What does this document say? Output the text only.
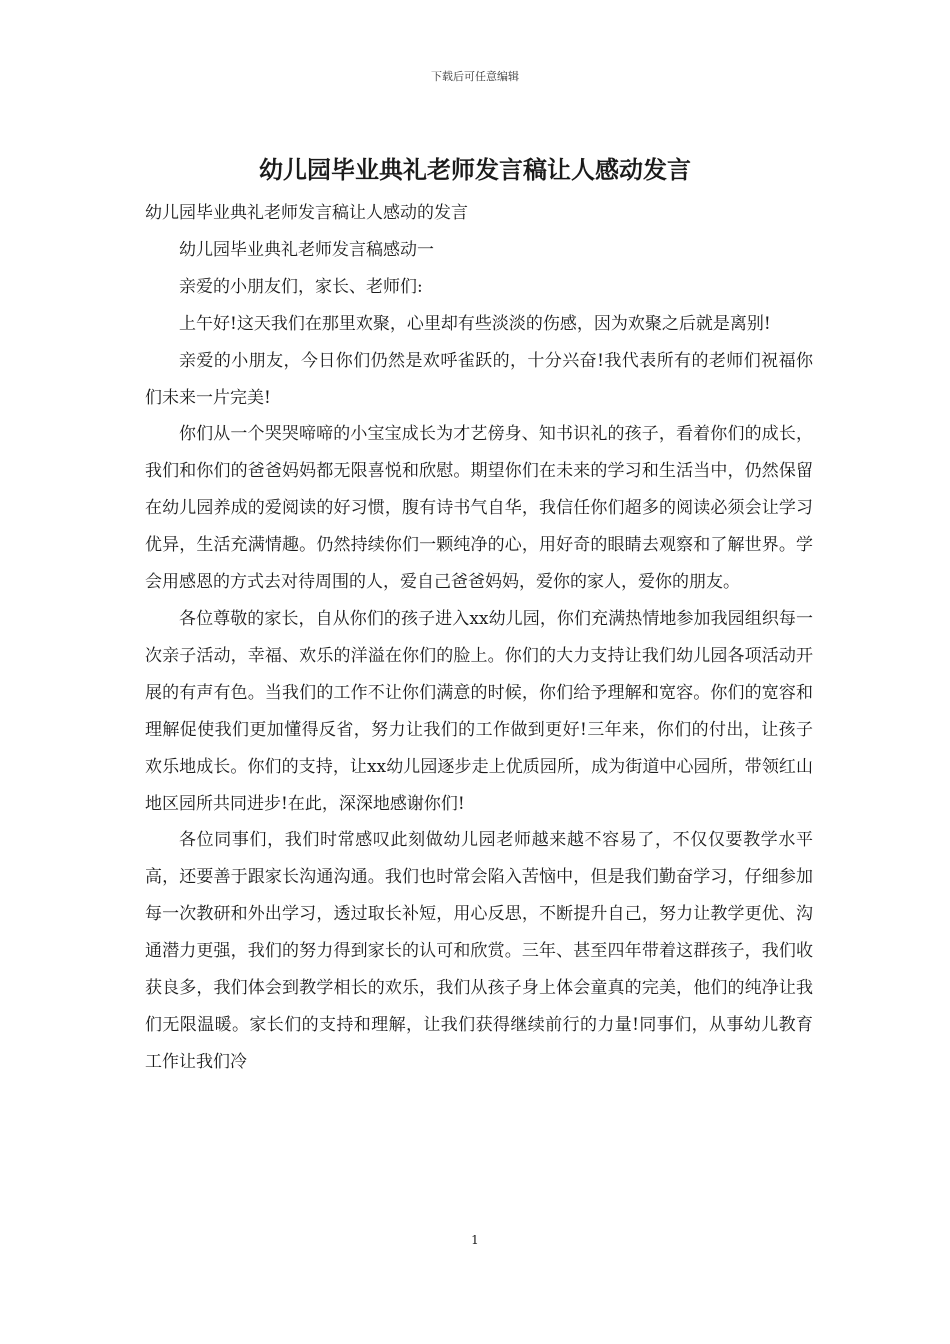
下载后可任意编辑
幼儿园毕业典礼老师发言稿让人感动发言

幼儿园毕业典礼老师发言稿让人感动的发言

幼儿园毕业典礼老师发言稿感动一

亲爱的小朋友们，家长、老师们:

上午好!这天我们在那里欢聚，心里却有些淡淡的伤感，因为欢聚之后就是离别!

亲爱的小朋友，今日你们仍然是欢呼雀跃的，十分兴奋!我代表所有的老师们祝福你们未来一片完美!

你们从一个哭哭啼啼的小宝宝成长为才艺傍身、知书识礼的孩子，看着你们的成长，我们和你们的爸爸妈妈都无限喜悦和欣慰。期望你们在未来的学习和生活当中，仍然保留在幼儿园养成的爱阅读的好习惯，腹有诗书气自华，我信任你们超多的阅读必须会让学习优异，生活充满情趣。仍然持续你们一颗纯净的心，用好奇的眼睛去观察和了解世界。学会用感恩的方式去对待周围的人，爱自己爸爸妈妈，爱你的家人，爱你的朋友。

各位尊敬的家长，自从你们的孩子进入xx幼儿园，你们充满热情地参加我园组织每一次亲子活动，幸福、欢乐的洋溢在你们的脸上。你们的大力支持让我们幼儿园各项活动开展的有声有色。当我们的工作不让你们满意的时候，你们给予理解和宽容。你们的宽容和理解促使我们更加懂得反省，努力让我们的工作做到更好!三年来，你们的付出，让孩子欢乐地成长。你们的支持，让xx幼儿园逐步走上优质园所，成为街道中心园所，带领红山地区园所共同进步!在此，深深地感谢你们!

各位同事们，我们时常感叹此刻做幼儿园老师越来越不容易了，不仅仅要教学水平高，还要善于跟家长沟通沟通。我们也时常会陷入苦恼中，但是我们勤奋学习，仔细参加每一次教研和外出学习，透过取长补短，用心反思，不断提升自己，努力让教学更优、沟通潜力更强，我们的努力得到家长的认可和欣赏。三年、甚至四年带着这群孩子，我们收获良多，我们体会到教学相长的欢乐，我们从孩子身上体会童真的完美，他们的纯净让我们无限温暖。家长们的支持和理解，让我们获得继续前行的力量!同事们，从事幼儿教育工作让我们冷

1
